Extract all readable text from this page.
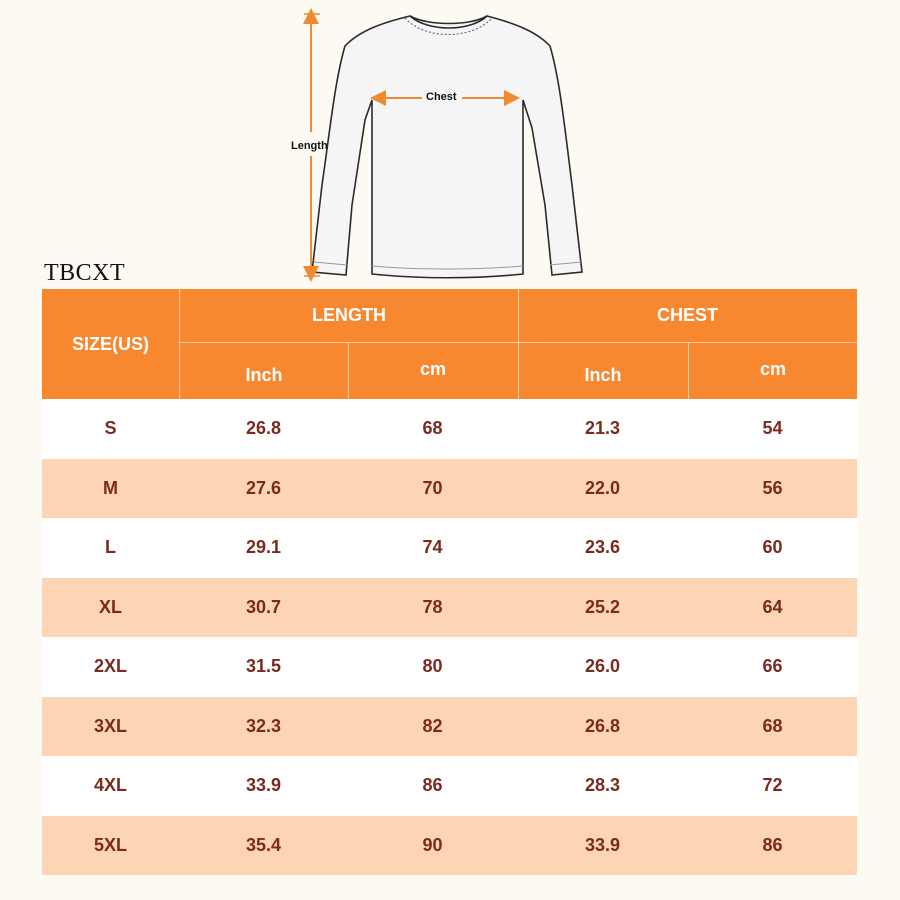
Chest
Length
TBCXT
SIZE(US)
LENGTH	CHEST
Inch	cm	Inch	cm
S	26.8	68	21.3	54
M	27.6	70	22.0	56
L	29.1	74	23.6	60
XL	30.7	78	25.2	64
2XL	31.5	80	26.0	66
3XL	32.3	82	26.8	68
4XL	33.9	86	28.3	72
5XL	35.4	90	33.9	86
